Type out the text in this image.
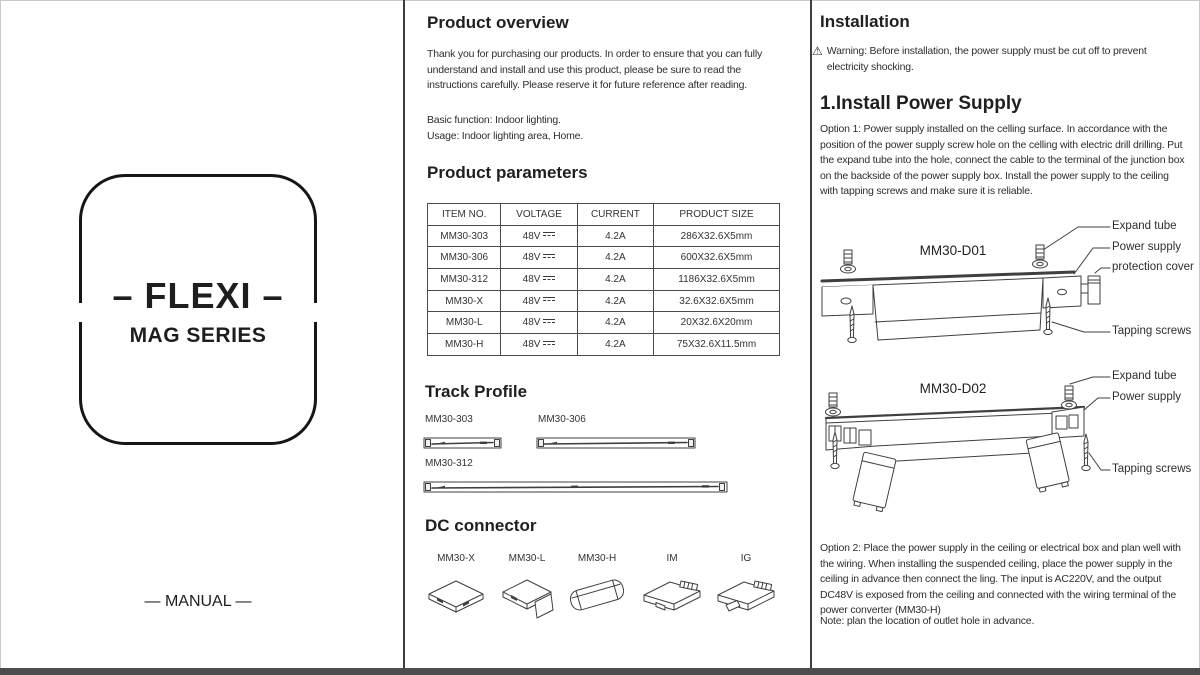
– FLEXI –
MAG SERIES
— MANUAL —
Product overview
Thank you for purchasing our products. In order to ensure that you can fully understand and install and use this product, please be sure to read the instructions carefully. Please reserve it for future reference after reading.
Basic function: Indoor lighting.
Usage: Indoor lighting area, Home.
Product parameters
ITEM NO.	VOLTAGE	CURRENT	PRODUCT SIZE
MM30-303	48V	4.2A	286X32.6X5mm
MM30-306	48V	4.2A	600X32.6X5mm
MM30-312	48V	4.2A	1186X32.6X5mm
MM30-X	48V	4.2A	32.6X32.6X5mm
MM30-L	48V	4.2A	20X32.6X20mm
MM30-H	48V	4.2A	75X32.6X11.5mm
Track Profile
MM30-303	MM30-306
MM30-312
DC connector
MM30-X	MM30-L	MM30-H	IM	IG
Installation
⚠ Warning: Before installation, the power supply must be cut off to prevent electricity shocking.
1.Install Power Supply
Option 1: Power supply installed on the celling surface. In accordance with the position of the power supply screw hole on the celling with electric drill drilling. Put the expand tube into the hole, connect the cable to the terminal of the junction box on the backside of the power supply box. Install the power supply to the ceiling with tapping screws and make sure it is reliable.
Option 2: Place the power supply in the ceiling or electrical box and plan well with the wiring. When installing the suspended ceiling, place the power supply in the ceiling in advance then connect the ling. The input is AC220V, and the output DC48V is exposed from the ceiling and connected with the wiring terminal of the power converter (MM30-H)
Note: plan the location of outlet hole in advance.
MM30-D01
Expand tube
Power supply
protection cover
Tapping screws
MM30-D02
Expand tube
Power supply
Tapping screws
